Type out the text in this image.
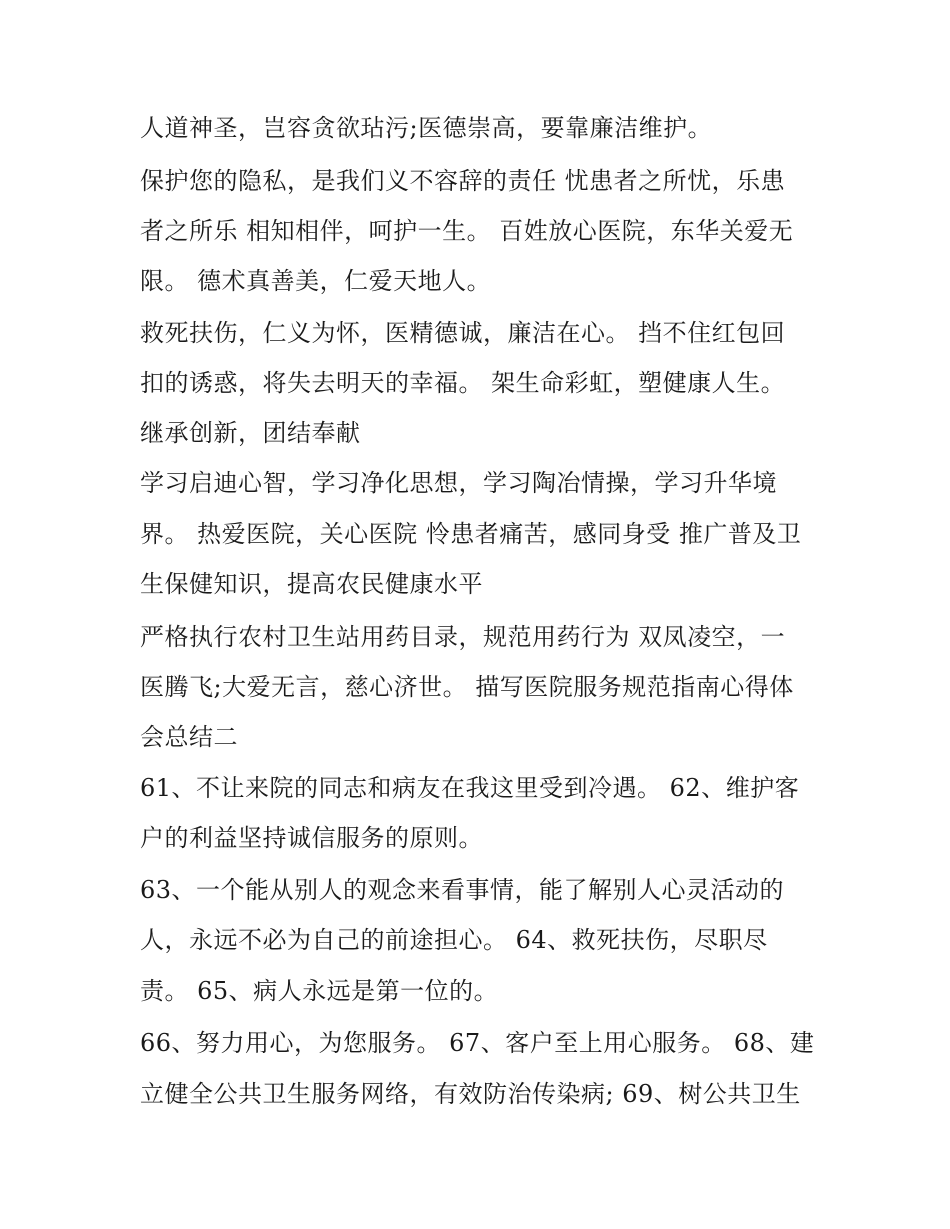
人道神圣，岂容贪欲玷污;医德崇高，要靠廉洁维护。
保护您的隐私，是我们义不容辞的责任 忧患者之所忧，乐患
者之所乐 相知相伴，呵护一生。 百姓放心医院，东华关爱无
限。 德术真善美，仁爱天地人。
救死扶伤，仁义为怀，医精德诚，廉洁在心。 挡不住红包回
扣的诱惑，将失去明天的幸福。 架生命彩虹，塑健康人生。
继承创新，团结奉献
学习启迪心智，学习净化思想，学习陶冶情操，学习升华境
界。 热爱医院，关心医院 怜患者痛苦，感同身受 推广普及卫
生保健知识，提高农民健康水平
严格执行农村卫生站用药目录，规范用药行为 双凤凌空，一
医腾飞;大爱无言，慈心济世。 描写医院服务规范指南心得体
会总结二
61、不让来院的同志和病友在我这里受到冷遇。 62、维护客
户的利益坚持诚信服务的原则。
63、一个能从别人的观念来看事情，能了解别人心灵活动的
人，永远不必为自己的前途担心。 64、救死扶伤，尽职尽
责。 65、病人永远是第一位的。
66、努力用心，为您服务。 67、客户至上用心服务。 68、建
立健全公共卫生服务网络，有效防治传染病; 69、树公共卫生
